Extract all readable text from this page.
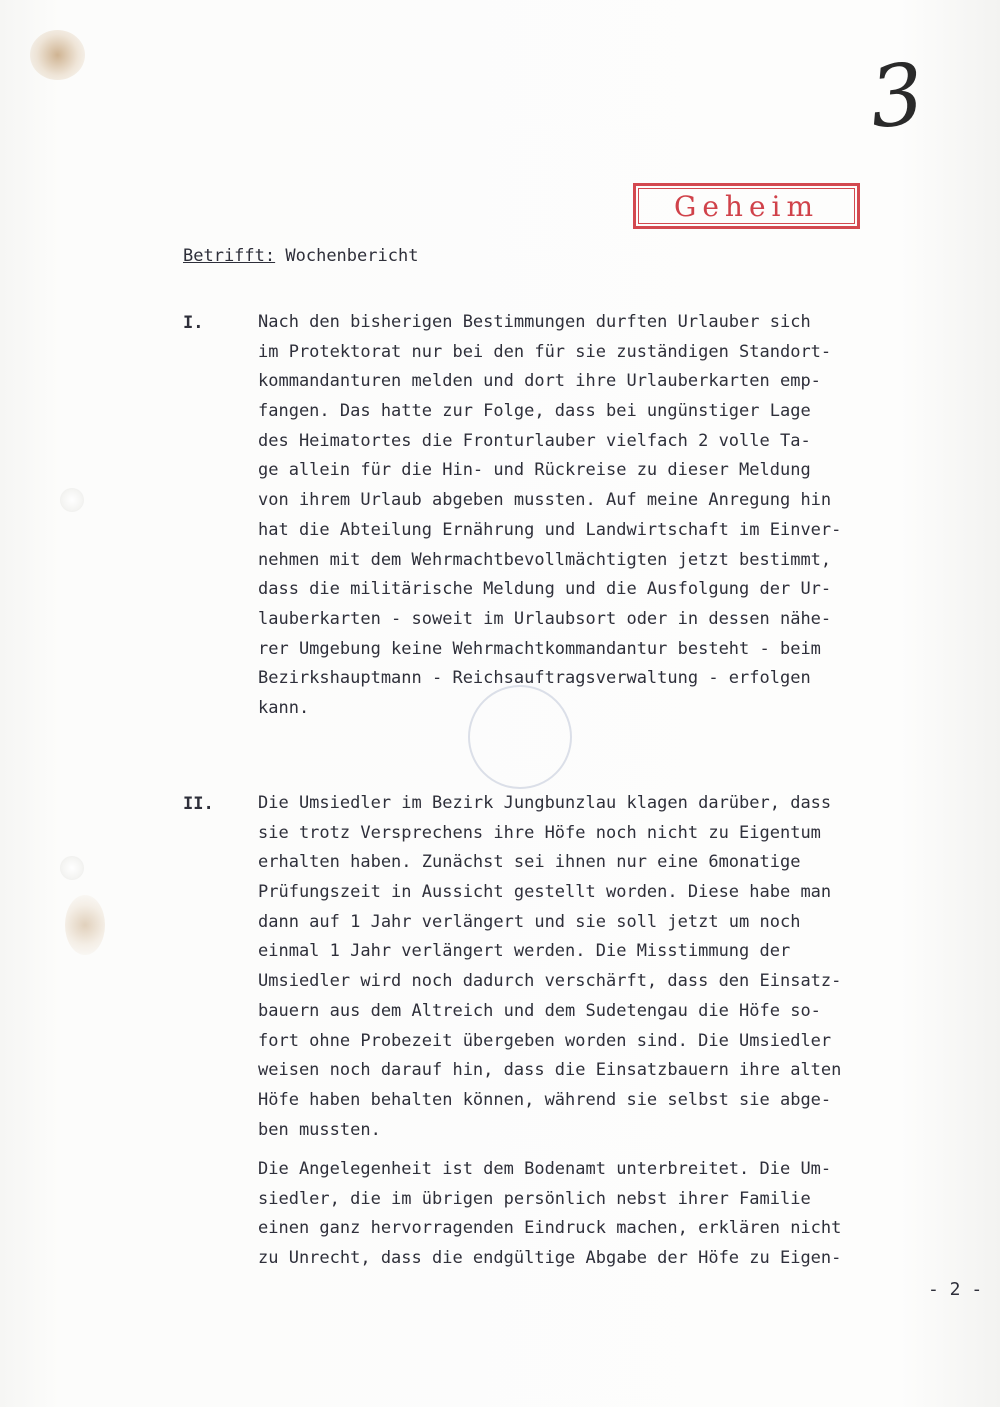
3
Geheim
Betrifft: Wochenbericht
I.	Nach den bisherigen Bestimmungen durften Urlauber sich
im Protektorat nur bei den für sie zuständigen Standort-
kommandanturen melden und dort ihre Urlauberkarten emp-
fangen. Das hatte zur Folge, dass bei ungünstiger Lage
des Heimatortes die Fronturlauber vielfach 2 volle Ta-
ge allein für die Hin- und Rückreise zu dieser Meldung
von ihrem Urlaub abgeben mussten. Auf meine Anregung hin
hat die Abteilung Ernährung und Landwirtschaft im Einver-
nehmen mit dem Wehrmachtbevollmächtigten jetzt bestimmt,
dass die militärische Meldung und die Ausfolgung der Ur-
lauberkarten - soweit im Urlaubsort oder in dessen nähe-
rer Umgebung keine Wehrmachtkommandantur besteht - beim
Bezirkshauptmann - Reichsauftragsverwaltung - erfolgen
kann.
II.	Die Umsiedler im Bezirk Jungbunzlau klagen darüber, dass
sie trotz Versprechens ihre Höfe noch nicht zu Eigentum
erhalten haben. Zunächst sei ihnen nur eine 6monatige
Prüfungszeit in Aussicht gestellt worden. Diese habe man
dann auf 1 Jahr verlängert und sie soll jetzt um noch
einmal 1 Jahr verlängert werden. Die Misstimmung der
Umsiedler wird noch dadurch verschärft, dass den Einsatz-
bauern aus dem Altreich und dem Sudetengau die Höfe so-
fort ohne Probezeit übergeben worden sind. Die Umsiedler
weisen noch darauf hin, dass die Einsatzbauern ihre alten
Höfe haben behalten können, während sie selbst sie abge-
ben mussten.
Die Angelegenheit ist dem Bodenamt unterbreitet. Die Um-
siedler, die im übrigen persönlich nebst ihrer Familie
einen ganz hervorragenden Eindruck machen, erklären nicht
zu Unrecht, dass die endgültige Abgabe der Höfe zu Eigen-
- 2 -
